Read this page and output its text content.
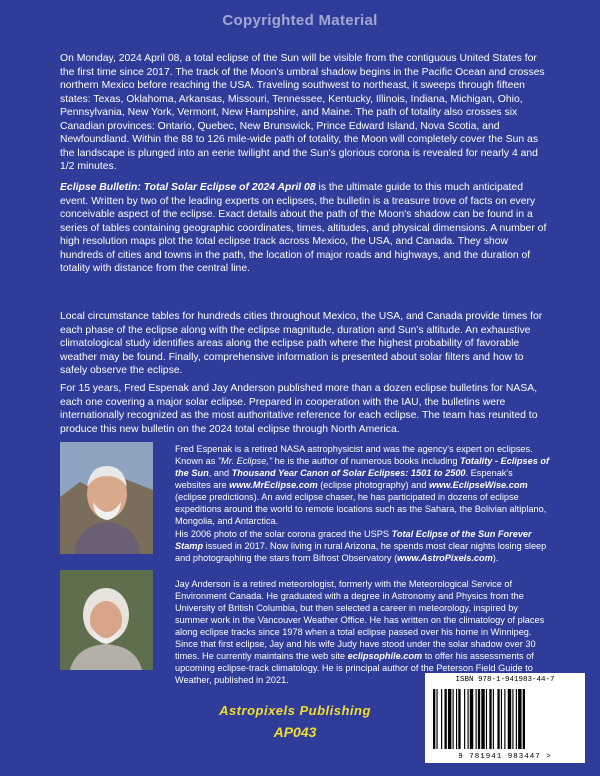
Copyrighted Material

On Monday, 2024 April 08, a total eclipse of the Sun will be visible from the contiguous United States for the first time since 2017. The track of the Moon's umbral shadow begins in the Pacific Ocean and crosses northern Mexico before reaching the USA. Traveling southwest to northeast, it sweeps through fifteen states: Texas, Oklahoma, Arkansas, Missouri, Tennessee, Kentucky, Illinois, Indiana, Michigan, Ohio, Pennsylvania, New York, Vermont, New Hampshire, and Maine. The path of totality also crosses six Canadian provinces: Ontario, Quebec, New Brunswick, Prince Edward Island, Nova Scotia, and Newfoundland. Within the 88 to 126 mile-wide path of totality, the Moon will completely cover the Sun as the landscape is plunged into an eerie twilight and the Sun's glorious corona is revealed for nearly 4 and 1/2 minutes.

Eclipse Bulletin: Total Solar Eclipse of 2024 April 08 is the ultimate guide to this much anticipated event. Written by two of the leading experts on eclipses, the bulletin is a treasure trove of facts on every conceivable aspect of the eclipse. Exact details about the path of the Moon's shadow can be found in a series of tables containing geographic coordinates, times, altitudes, and physical dimensions. A number of high resolution maps plot the total eclipse track across Mexico, the USA, and Canada. They show hundreds of cities and towns in the path, the location of major roads and highways, and the duration of totality with distance from the central line.

Local circumstance tables for hundreds cities throughout Mexico, the USA, and Canada provide times for each phase of the eclipse along with the eclipse magnitude, duration and Sun's altitude. An exhaustive climatological study identifies areas along the eclipse path where the highest probability of favorable weather may be found. Finally, comprehensive information is presented about solar filters and how to safely observe the eclipse.

For 15 years, Fred Espenak and Jay Anderson published more than a dozen eclipse bulletins for NASA, each one covering a major solar eclipse. Prepared in cooperation with the IAU, the bulletins were internationally recognized as the most authoritative reference for each eclipse. The team has reunited to produce this new bulletin on the 2024 total eclipse through North America.

Fred Espenak is a retired NASA astrophysicist and was the agency's expert on eclipses. Known as "Mr. Eclipse," he is the author of numerous books including Totality - Eclipses of the Sun, and Thousand Year Canon of Solar Eclipses: 1501 to 2500. Espenak's websites are www.MrEclipse.com (eclipse photography) and www.EclipseWise.com (eclipse predictions). An avid eclipse chaser, he has participated in dozens of eclipse expeditions around the world to remote locations such as the Sahara, the Bolivian altiplano, Mongolia, and Antarctica.

His 2006 photo of the solar corona graced the USPS Total Eclipse of the Sun Forever Stamp issued in 2017. Now living in rural Arizona, he spends most clear nights losing sleep and photographing the stars from Bifrost Observatory (www.AstroPixels.com).

Jay Anderson is a retired meteorologist, formerly with the Meteorological Service of Environment Canada. He graduated with a degree in Astronomy and Physics from the University of British Columbia, but then selected a career in meteorology, inspired by summer work in the Vancouver Weather Office. He has written on the climatology of places along eclipse tracks since 1978 when a total eclipse passed over his home in Winnipeg. Since that first eclipse, Jay and his wife Judy have stood under the solar shadow over 30 times. He currently maintains the web site eclipsophile.com to offer his assessments of upcoming eclipse-track climatology. He is principal author of the Peterson Field Guide to Weather, published in 2021.

Astropixels Publishing
AP043
ISBN 978-1-941983-44-7
9 781941 983447 >
